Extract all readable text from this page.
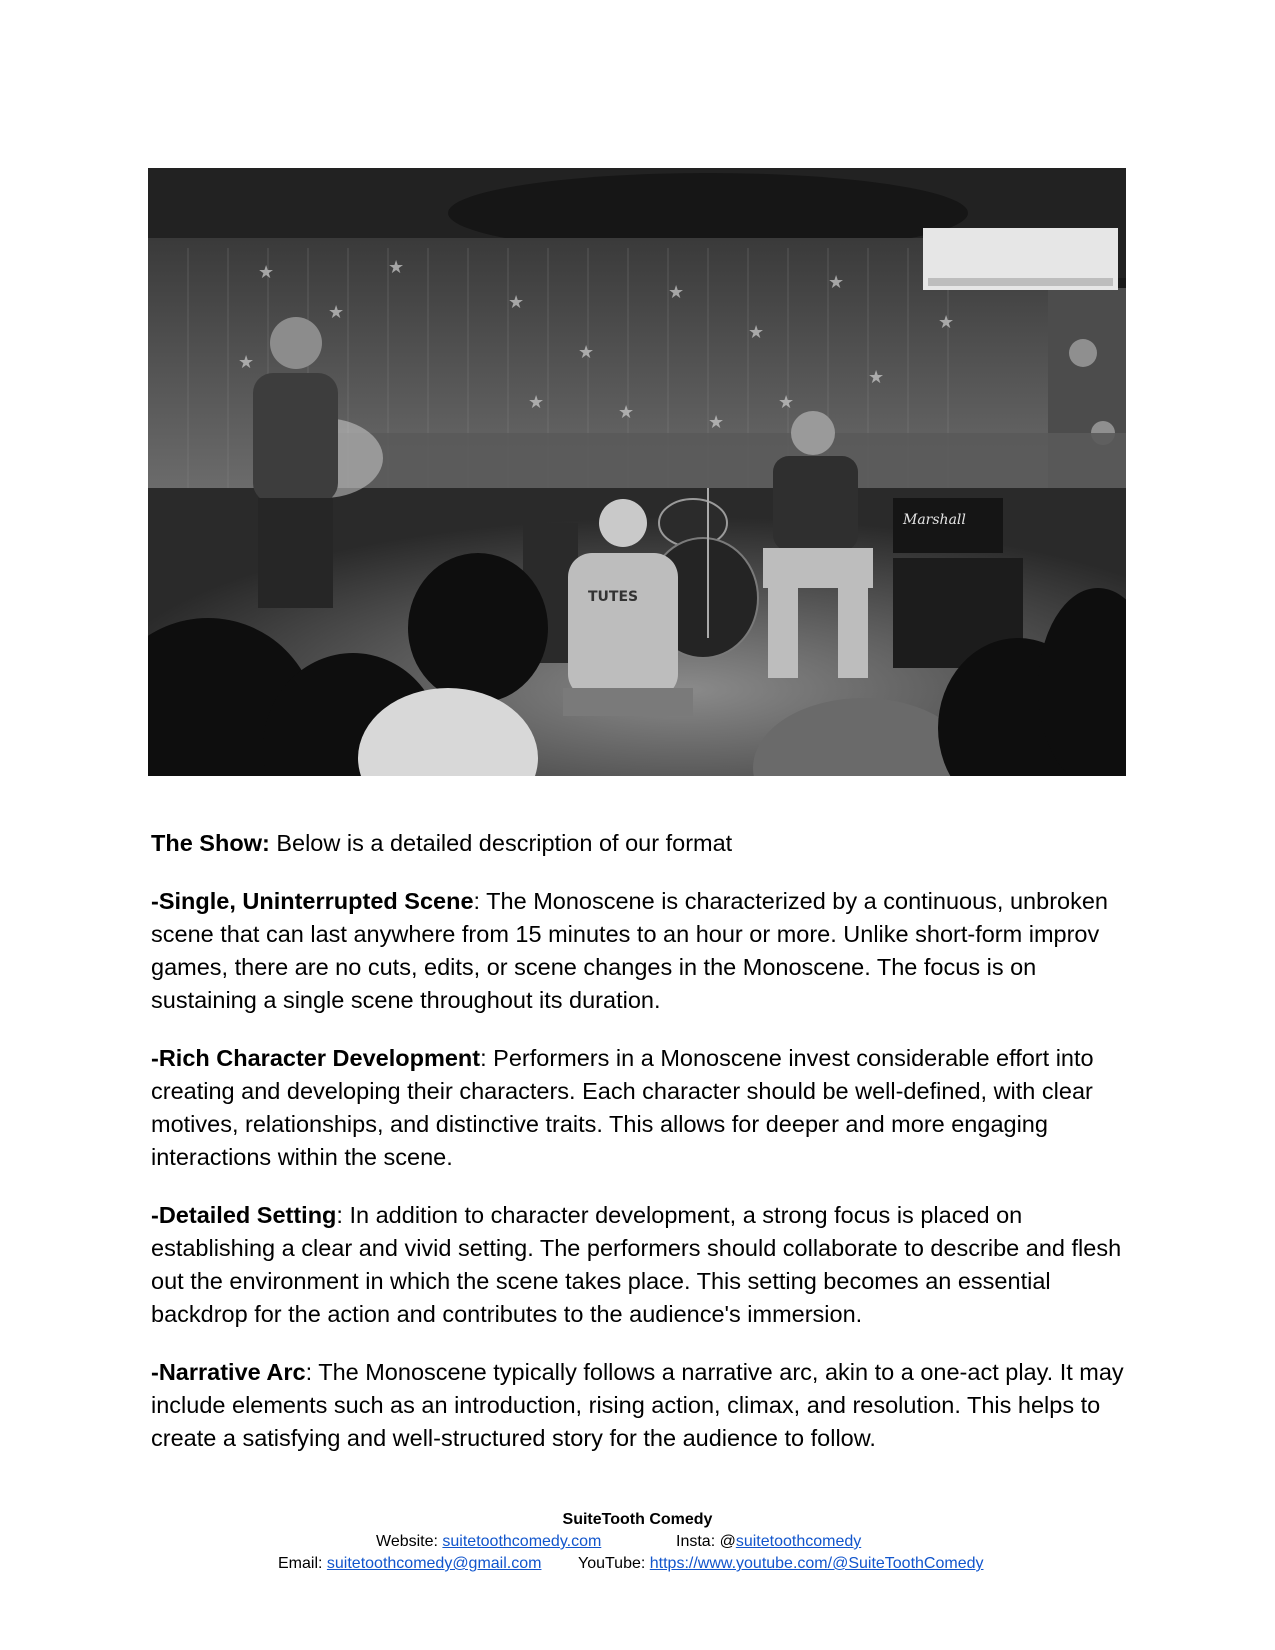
★
★
★
★
★
★
★
★
★
★
★	★
★	★
★
Marshall
TUTES

The Show: Below is a detailed description of our format

-Single, Uninterrupted Scene: The Monoscene is characterized by a continuous, unbroken scene that can last anywhere from 15 minutes to an hour or more. Unlike short-form improv games, there are no cuts, edits, or scene changes in the Monoscene. The focus is on sustaining a single scene throughout its duration.

-Rich Character Development: Performers in a Monoscene invest considerable effort into creating and developing their characters. Each character should be well-defined, with clear motives, relationships, and distinctive traits. This allows for deeper and more engaging interactions within the scene.

-Detailed Setting: In addition to character development, a strong focus is placed on establishing a clear and vivid setting. The performers should collaborate to describe and flesh out the environment in which the scene takes place. This setting becomes an essential backdrop for the action and contributes to the audience's immersion.

-Narrative Arc: The Monoscene typically follows a narrative arc, akin to a one-act play. It may include elements such as an introduction, rising action, climax, and resolution. This helps to create a satisfying and well-structured story for the audience to follow.

SuiteTooth Comedy
Website: suitetoothcomedy.com	Insta: @suitetoothcomedy
Email: suitetoothcomedy@gmail.com YouTube: https://www.youtube.com/@SuiteToothComedy
